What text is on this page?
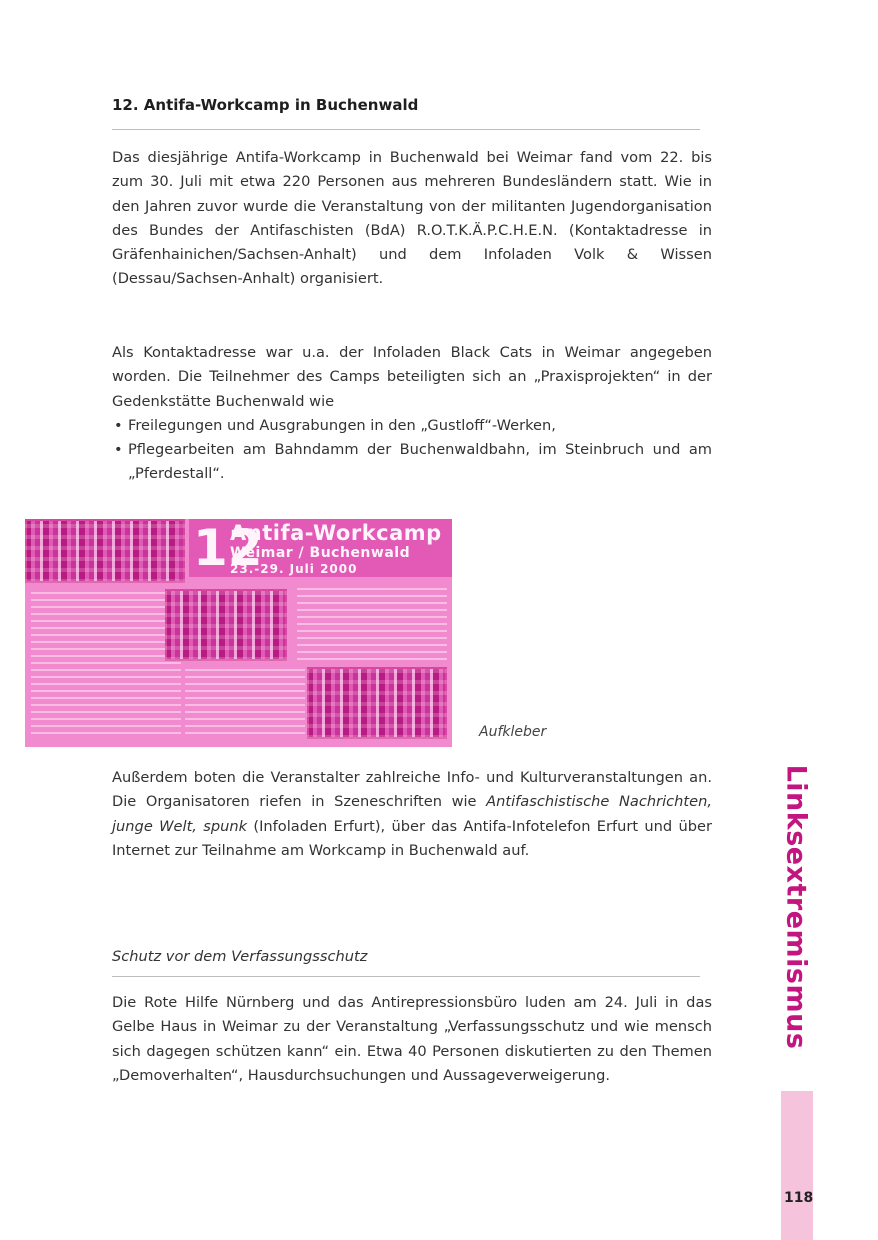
12. Antifa-Workcamp in Buchenwald

Das diesjährige Antifa-Workcamp in Buchenwald bei Weimar fand vom 22. bis zum 30. Juli mit etwa 220 Personen aus mehreren Bundesländern statt. Wie in den Jahren zuvor wurde die Veranstaltung von der militanten Jugendorganisation des Bundes der Antifaschisten (BdA) R.O.T.K.Ä.P.C.H.E.N. (Kontaktadresse in Gräfenhainichen/Sachsen-Anhalt) und dem Infoladen Volk & Wissen (Dessau/Sachsen-Anhalt) organisiert.

Als Kontaktadresse war u.a. der Infoladen Black Cats in Weimar angegeben worden. Die Teilnehmer des Camps beteiligten sich an „Praxisprojekten“ in der Gedenkstätte Buchenwald wie

• Freilegungen und Ausgrabungen in den „Gustloff“-Werken,
• Pflegearbeiten am Bahndamm der Buchenwaldbahn, im Steinbruch und am „Pferdestall“.
12
Antifa-Workcamp
Weimar / Buchenwald
23.-29. Juli 2000
Aufkleber

Außerdem boten die Veranstalter zahlreiche Info- und Kulturveranstaltungen an. Die Organisatoren riefen in Szeneschriften wie Antifaschistische Nachrichten, junge Welt, spunk (Infoladen Erfurt), über das Antifa-Infotelefon Erfurt und über Internet zur Teilnahme am Workcamp in Buchenwald auf.

Schutz vor dem Verfassungsschutz

Die Rote Hilfe Nürnberg und das Antirepressionsbüro luden am 24. Juli in das Gelbe Haus in Weimar zu der Veranstaltung „Verfassungsschutz und wie mensch sich dagegen schützen kann“ ein. Etwa 40 Personen diskutierten zu den Themen „Demoverhalten“, Hausdurchsuchungen und Aussageverweigerung.

Linksextremismus
118
